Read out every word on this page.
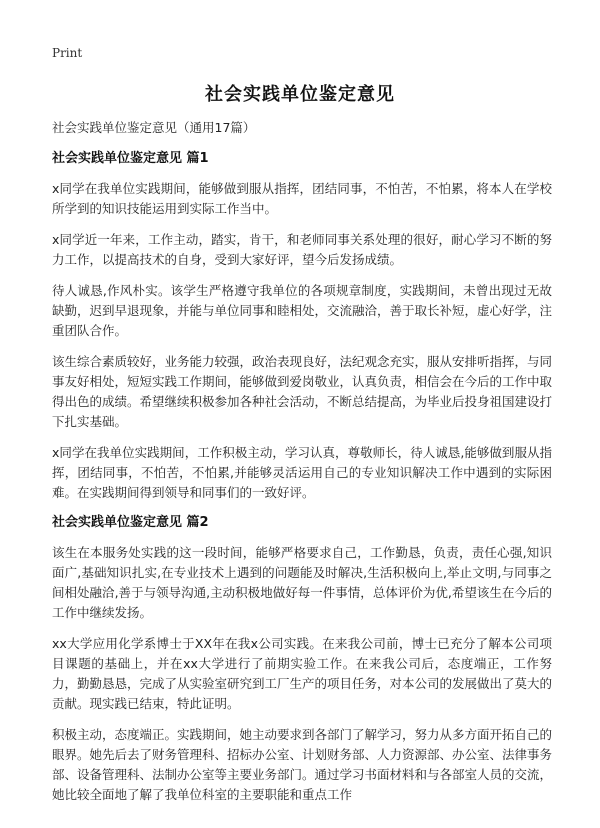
Print
社会实践单位鉴定意见
社会实践单位鉴定意见（通用17篇）
社会实践单位鉴定意见 篇1

x同学在我单位实践期间，能够做到服从指挥，团结同事，不怕苦，不怕累，将本人在学校所学到的知识技能运用到实际工作当中。

x同学近一年来，工作主动，踏实，肯干，和老师同事关系处理的很好，耐心学习不断的努力工作，以提高技术的自身，受到大家好评，望今后发扬成绩。

待人诚恳,作风朴实。该学生严格遵守我单位的各项规章制度，实践期间，未曾出现过无故缺勤，迟到早退现象，并能与单位同事和睦相处，交流融洽，善于取长补短，虚心好学，注重团队合作。

该生综合素质较好，业务能力较强，政治表现良好，法纪观念充实，服从安排听指挥，与同事友好相处，短短实践工作期间，能够做到爱岗敬业，认真负责，相信会在今后的工作中取得出色的成绩。希望继续积极参加各种社会活动，不断总结提高，为毕业后投身祖国建设打下扎实基础。

x同学在我单位实践期间，工作积极主动，学习认真，尊敬师长，待人诚恳,能够做到服从指挥，团结同事，不怕苦，不怕累,并能够灵活运用自己的专业知识解决工作中遇到的实际困难。在实践期间得到领导和同事们的一致好评。

社会实践单位鉴定意见 篇2

该生在本服务处实践的这一段时间，能够严格要求自己，工作勤恳，负责，责任心强,知识面广,基础知识扎实,在专业技术上遇到的问题能及时解决,生活积极向上,举止文明,与同事之间相处融洽,善于与领导沟通,主动积极地做好每一件事情，总体评价为优,希望该生在今后的工作中继续发扬。

xx大学应用化学系博士于XX年在我x公司实践。在来我公司前，博士已充分了解本公司项目课题的基础上，并在xx大学进行了前期实验工作。在来我公司后，态度端正，工作努力，勤勤恳恳，完成了从实验室研究到工厂生产的项目任务，对本公司的发展做出了莫大的贡献。现实践已结束，特此证明。

积极主动，态度端正。实践期间，她主动要求到各部门了解学习，努力从多方面开拓自己的眼界。她先后去了财务管理科、招标办公室、计划财务部、人力资源部、办公室、法律事务部、设备管理科、法制办公室等主要业务部门。通过学习书面材料和与各部室人员的交流，她比较全面地了解了我单位科室的主要职能和重点工作
